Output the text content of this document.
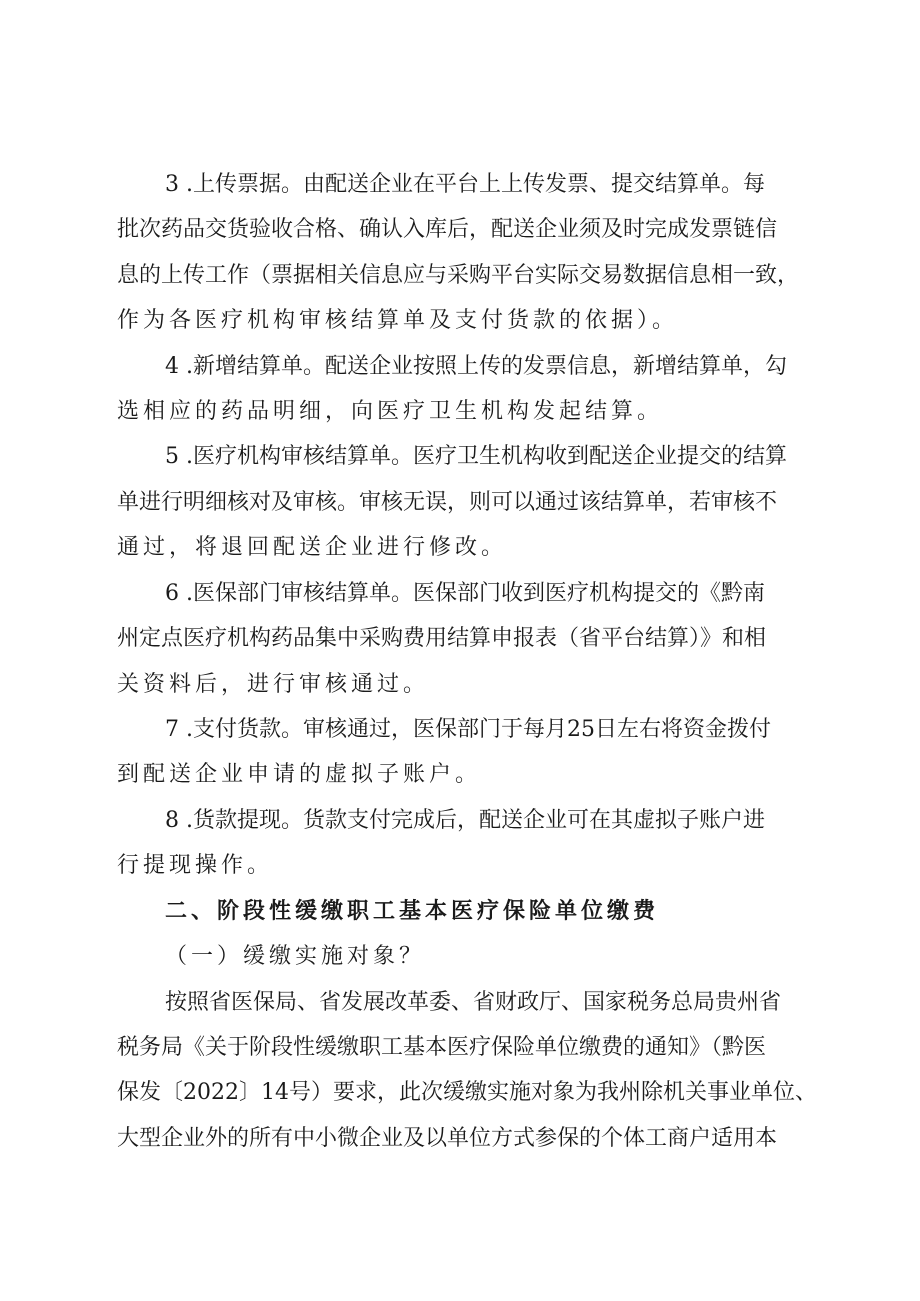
3 .上传票据。由配送企业在平台上上传发票、提交结算单。每
批次药品交货验收合格、确认入库后，配送企业须及时完成发票链信
息的上传工作（票据相关信息应与采购平台实际交易数据信息相一致，
作为各医疗机构审核结算单及支付货款的依据）。
4 .新增结算单。配送企业按照上传的发票信息，新增结算单，勾
选相应的药品明细，向医疗卫生机构发起结算。
5 .医疗机构审核结算单。医疗卫生机构收到配送企业提交的结算
单进行明细核对及审核。审核无误，则可以通过该结算单，若审核不
通过，将退回配送企业进行修改。
6 .医保部门审核结算单。医保部门收到医疗机构提交的《黔南
州定点医疗机构药品集中采购费用结算申报表（省平台结算）》和相
关资料后，进行审核通过。
7 .支付货款。审核通过，医保部门于每月25日左右将资金拨付
到配送企业申请的虚拟子账户。
8 .货款提现。货款支付完成后，配送企业可在其虚拟子账户进
行提现操作。
二、阶段性缓缴职工基本医疗保险单位缴费
（一）缓缴实施对象？
按照省医保局、省发展改革委、省财政厅、国家税务总局贵州省
税务局《关于阶段性缓缴职工基本医疗保险单位缴费的通知》（黔医
保发〔2022〕14号）要求，此次缓缴实施对象为我州除机关事业单位、
大型企业外的所有中小微企业及以单位方式参保的个体工商户适用本
